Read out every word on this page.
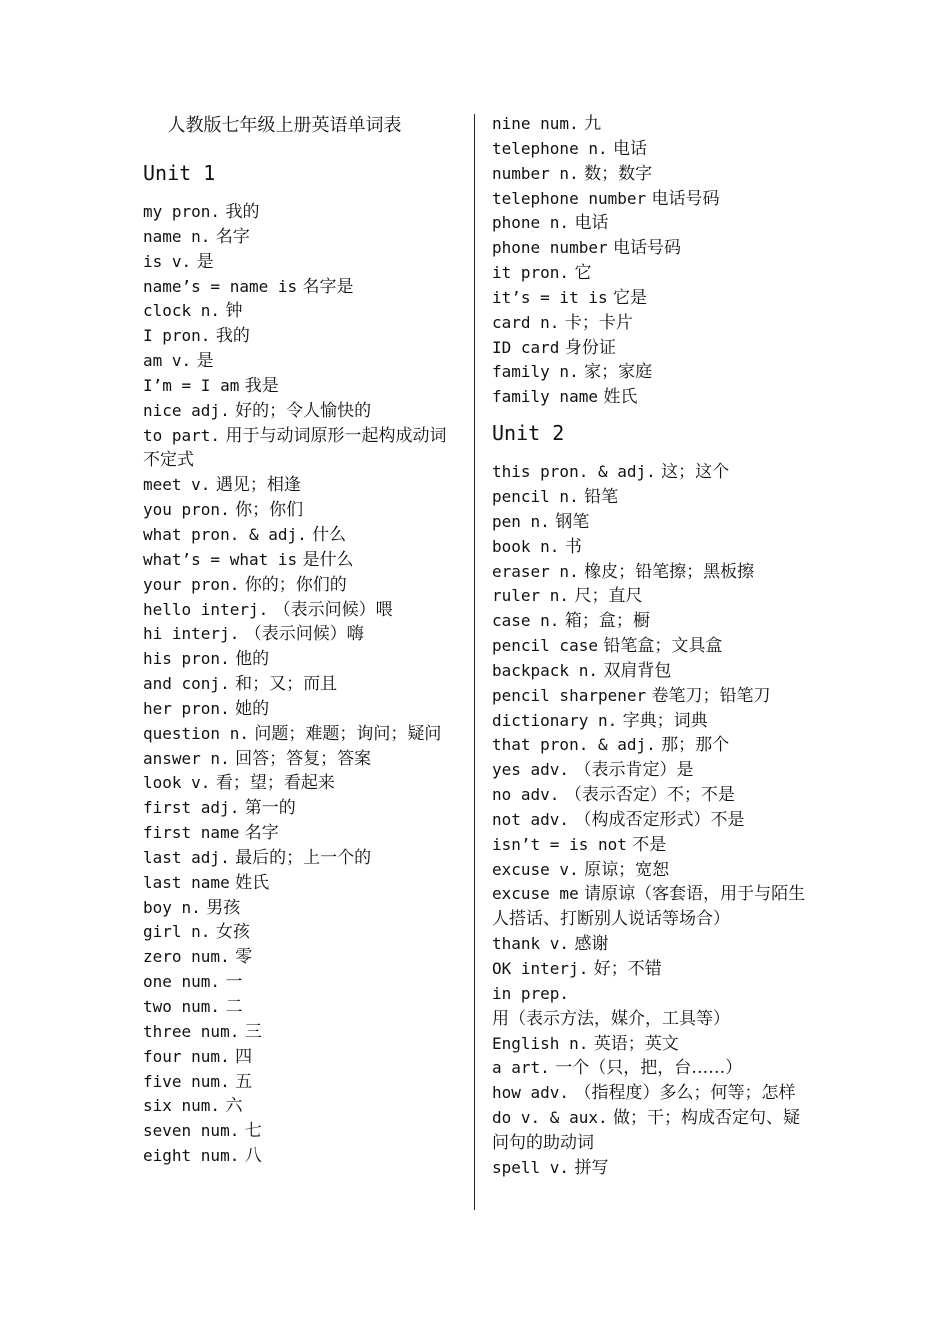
人教版七年级上册英语单词表
Unit 1
my pron. 我的
name n. 名字
is v. 是
name’s = name is 名字是
clock n. 钟
I pron. 我的
am v. 是
I’m = I am 我是
nice adj. 好的；令人愉快的
to part. 用于与动词原形一起构成动词不定式
meet v. 遇见；相逢
you pron. 你；你们
what pron. & adj. 什么
what’s = what is 是什么
your pron. 你的；你们的
hello interj. （表示问候）喂
hi interj. （表示问候）嗨
his pron. 他的
and conj. 和；又；而且
her pron. 她的
question n. 问题；难题；询问；疑问
answer n. 回答；答复；答案
look v. 看；望；看起来
first adj. 第一的
first name 名字
last adj. 最后的；上一个的
last name 姓氏
boy n. 男孩
girl n. 女孩
zero num. 零
one num. 一
two num. 二
three num. 三
four num. 四
five num. 五
six num. 六
seven num. 七
eight num. 八
nine num. 九
telephone n. 电话
number n. 数；数字
telephone number 电话号码
phone n. 电话
phone number 电话号码
it pron. 它
it’s = it is 它是
card n. 卡；卡片
ID card 身份证
family n. 家；家庭
family name 姓氏
Unit 2
this pron. & adj. 这；这个
pencil n. 铅笔
pen n. 钢笔
book n. 书
eraser n. 橡皮；铅笔擦；黑板擦
ruler n. 尺；直尺
case n. 箱；盒；橱
pencil case 铅笔盒；文具盒
backpack n. 双肩背包
pencil sharpener 卷笔刀；铅笔刀
dictionary n. 字典；词典
that pron. & adj. 那；那个
yes adv. （表示肯定）是
no adv. （表示否定）不；不是
not adv. （构成否定形式）不是
isn’t = is not 不是
excuse v. 原谅；宽恕
excuse me 请原谅（客套语，用于与陌生人搭话、打断别人说话等场合）
thank v. 感谢
OK interj. 好；不错
in prep. 用（表示方法，媒介，工具等）
English n. 英语；英文
a art. 一个（只，把，台……）
how adv. （指程度）多么；何等；怎样
do v. & aux. 做；干；构成否定句、疑问句的助动词
spell v. 拼写
